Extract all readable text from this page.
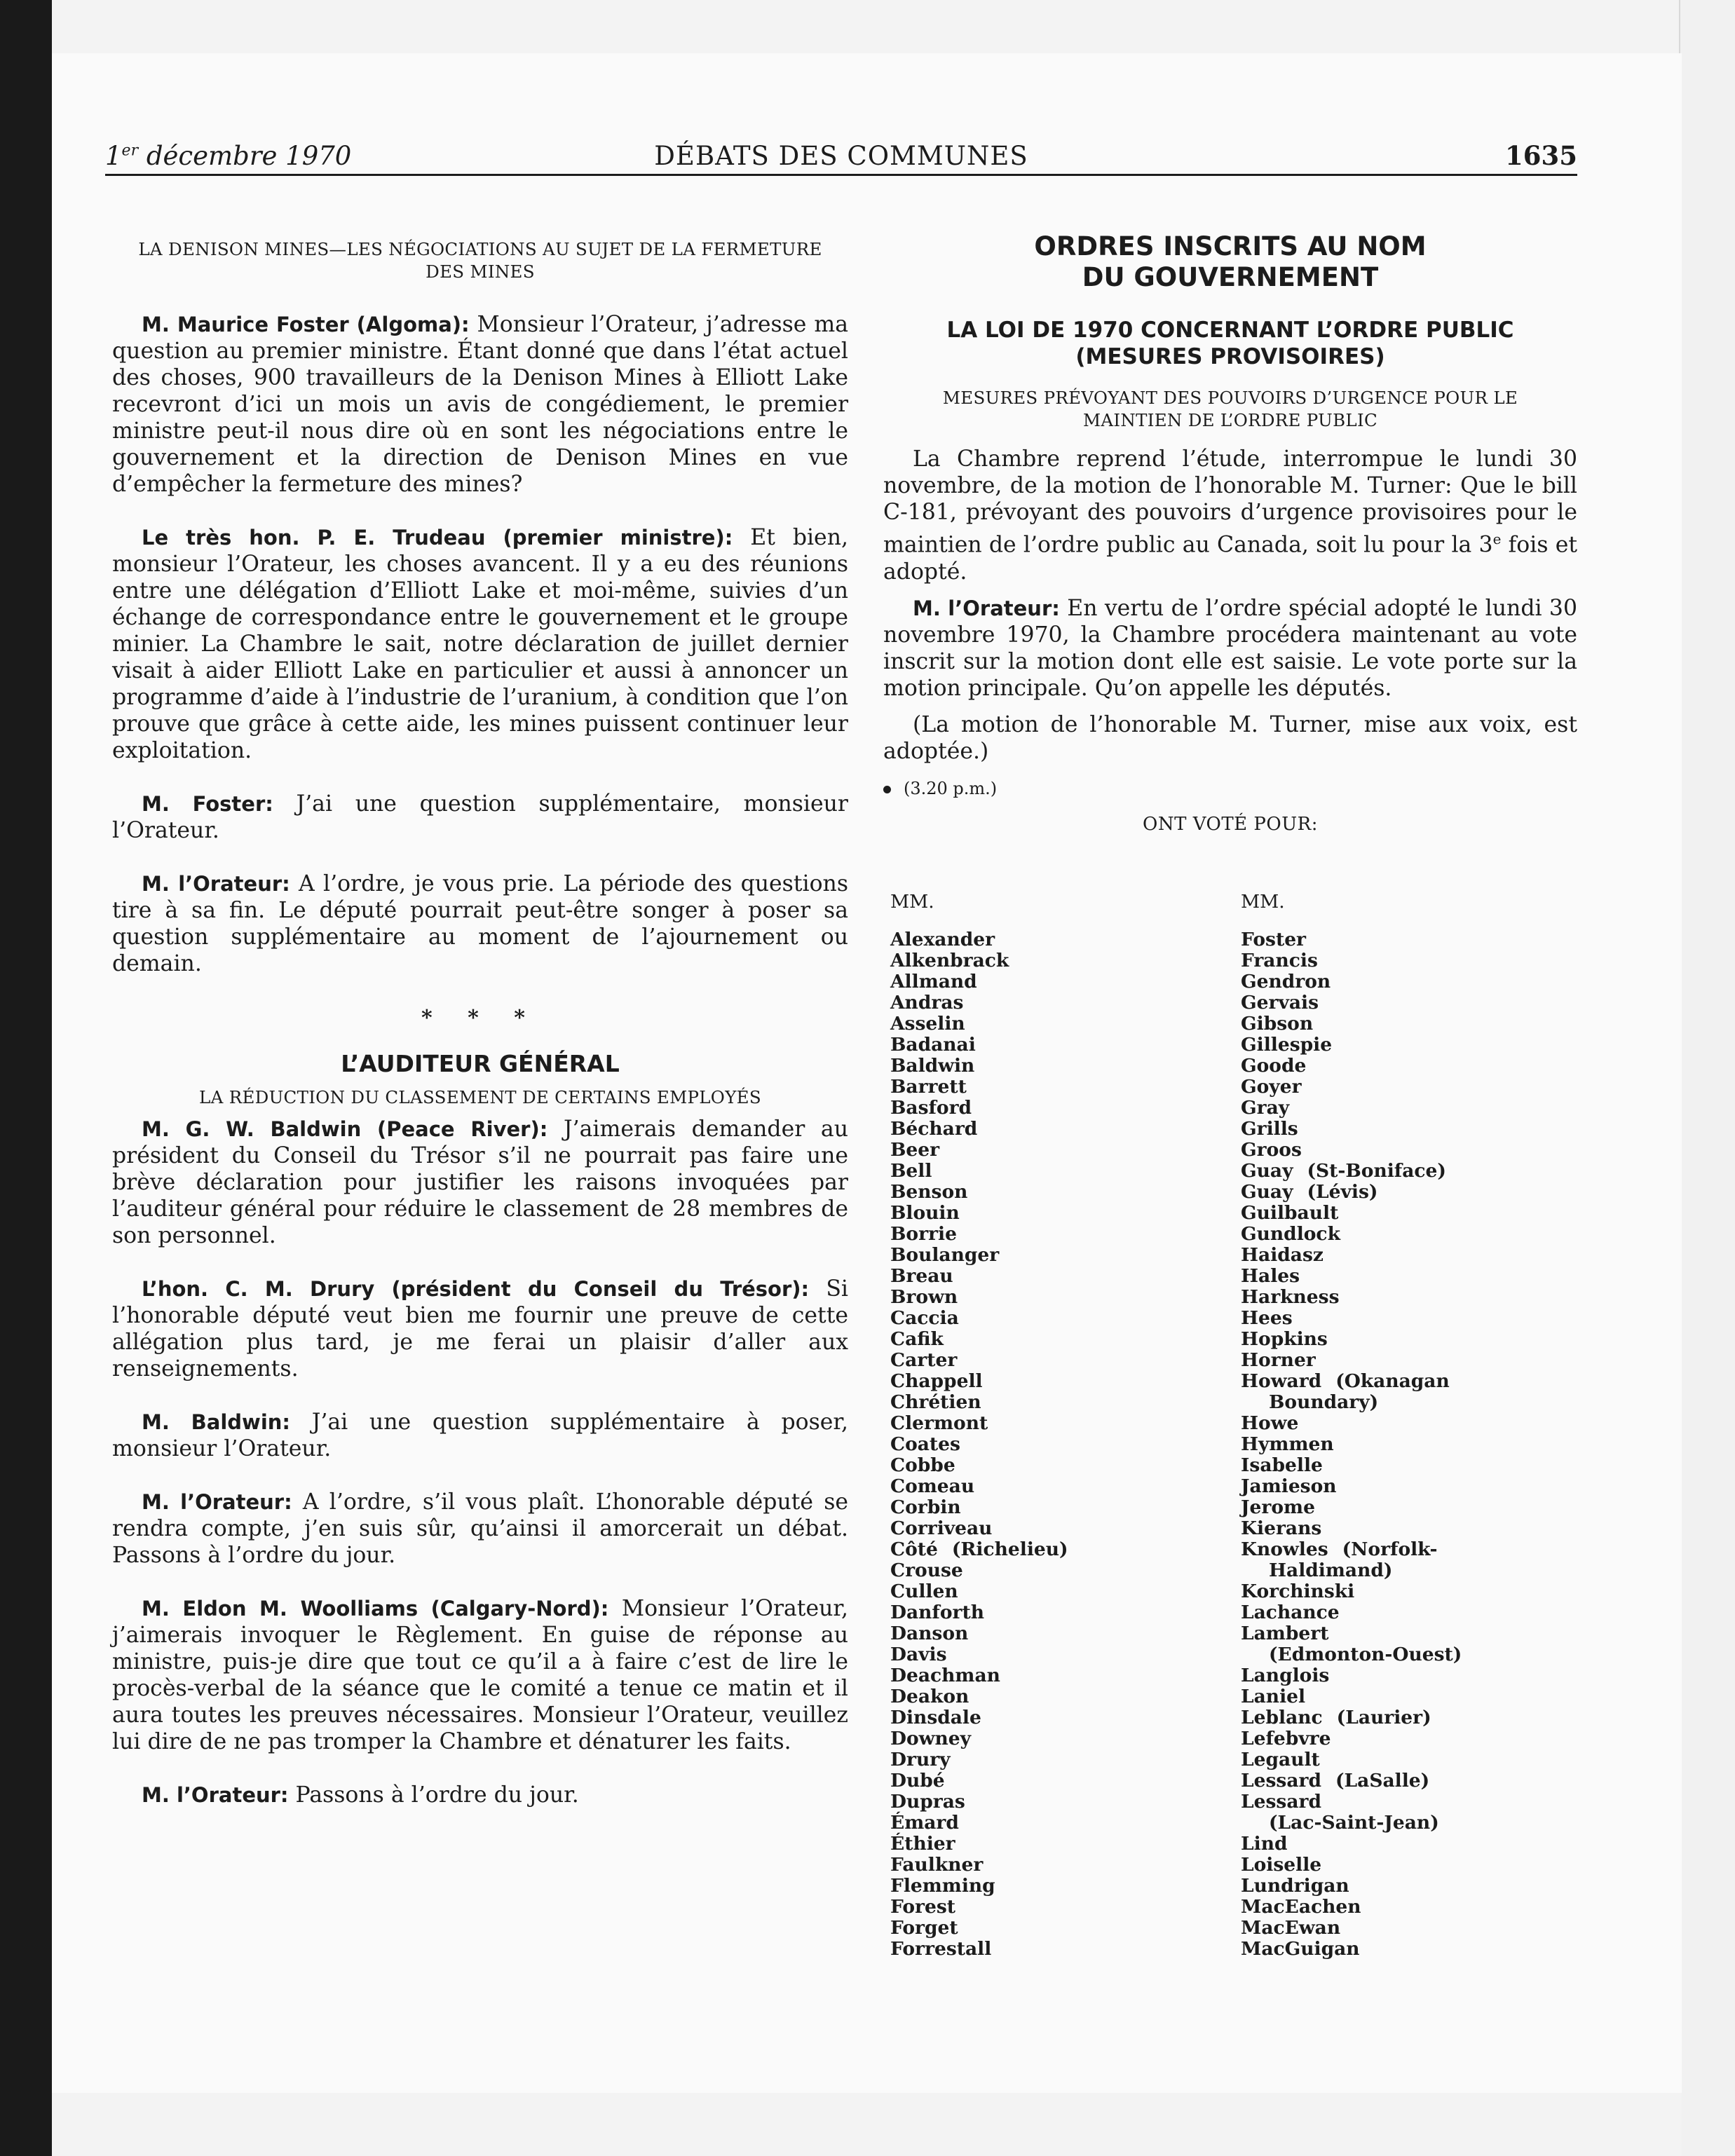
1er décembre 1970	DÉBATS DES COMMUNES	1635

LA DENISON MINES—LES NÉGOCIATIONS AU SUJET DE LA FERMETURE DES MINES

M. Maurice Foster (Algoma): Monsieur l’Orateur, j’adresse ma question au premier ministre. Étant donné que dans l’état actuel des choses, 900 travailleurs de la Denison Mines à Elliott Lake recevront d’ici un mois un avis de congédiement, le premier ministre peut-il nous dire où en sont les négociations entre le gouvernement et la direction de Denison Mines en vue d’empêcher la fermeture des mines?

Le très hon. P. E. Trudeau (premier ministre): Et bien, monsieur l’Orateur, les choses avancent. Il y a eu des réunions entre une délégation d’Elliott Lake et moi-même, suivies d’un échange de correspondance entre le gouvernement et le groupe minier. La Chambre le sait, notre déclaration de juillet dernier visait à aider Elliott Lake en particulier et aussi à annoncer un programme d’aide à l’industrie de l’uranium, à condition que l’on prouve que grâce à cette aide, les mines puissent continuer leur exploitation.

M. Foster: J’ai une question supplémentaire, monsieur l’Orateur.

M. l’Orateur: A l’ordre, je vous prie. La période des questions tire à sa fin. Le député pourrait peut-être songer à poser sa question supplémentaire au moment de l’ajournement ou demain.

* * *

L’AUDITEUR GÉNÉRAL

LA RÉDUCTION DU CLASSEMENT DE CERTAINS EMPLOYÉS

M. G. W. Baldwin (Peace River): J’aimerais demander au président du Conseil du Trésor s’il ne pourrait pas faire une brève déclaration pour justifier les raisons invoquées par l’auditeur général pour réduire le classement de 28 membres de son personnel.

L’hon. C. M. Drury (président du Conseil du Trésor): Si l’honorable député veut bien me fournir une preuve de cette allégation plus tard, je me ferai un plaisir d’aller aux renseignements.

M. Baldwin: J’ai une question supplémentaire à poser, monsieur l’Orateur.

M. l’Orateur: A l’ordre, s’il vous plaît. L’honorable député se rendra compte, j’en suis sûr, qu’ainsi il amorcerait un débat. Passons à l’ordre du jour.

M. Eldon M. Woolliams (Calgary-Nord): Monsieur l’Orateur, j’aimerais invoquer le Règlement. En guise de réponse au ministre, puis-je dire que tout ce qu’il a à faire c’est de lire le procès-verbal de la séance que le comité a tenue ce matin et il aura toutes les preuves nécessaires. Monsieur l’Orateur, veuillez lui dire de ne pas tromper la Chambre et dénaturer les faits.

M. l’Orateur: Passons à l’ordre du jour.

ORDRES INSCRITS AU NOM

DU GOUVERNEMENT

LA LOI DE 1970 CONCERNANT L’ORDRE PUBLIC

(MESURES PROVISOIRES)

MESURES PRÉVOYANT DES POUVOIRS D’URGENCE POUR LE MAINTIEN DE L’ORDRE PUBLIC

La Chambre reprend l’étude, interrompue le lundi 30 novembre, de la motion de l’honorable M. Turner: Que le bill C-181, prévoyant des pouvoirs d’urgence provisoires pour le maintien de l’ordre public au Canada, soit lu pour la 3e fois et adopté.

M. l’Orateur: En vertu de l’ordre spécial adopté le lundi 30 novembre 1970, la Chambre procédera maintenant au vote inscrit sur la motion dont elle est saisie. Le vote porte sur la motion principale. Qu’on appelle les députés.

(La motion de l’honorable M. Turner, mise aux voix, est adoptée.)

(3.20 p.m.)

ONT VOTÉ POUR:

MM.
Alexander
Alkenbrack
Allmand
Andras
Asselin
Badanai
Baldwin
Barrett
Basford
Béchard
Beer
Bell
Benson
Blouin
Borrie
Boulanger
Breau
Brown
Caccia
Cafik
Carter
Chappell
Chrétien
Clermont
Coates
Cobbe
Comeau
Corbin
Corriveau
Côté (Richelieu)
Crouse
Cullen
Danforth
Danson
Davis
Deachman
Deakon
Dinsdale
Downey
Drury
Dubé
Dupras
Émard
Éthier
Faulkner
Flemming
Forest
Forget
Forrestall
MM.
Foster
Francis
Gendron
Gervais
Gibson
Gillespie
Goode
Goyer
Gray
Grills
Groos
Guay (St-Boniface)
Guay (Lévis)
Guilbault
Gundlock
Haidasz
Hales
Harkness
Hees
Hopkins
Horner
Howard (Okanagan
Boundary)
Howe
Hymmen
Isabelle
Jamieson
Jerome
Kierans
Knowles (Norfolk-
Haldimand)
Korchinski
Lachance
Lambert
(Edmonton-Ouest)
Langlois
Laniel
Leblanc (Laurier)
Lefebvre
Legault
Lessard (LaSalle)
Lessard
(Lac-Saint-Jean)
Lind
Loiselle
Lundrigan
MacEachen
MacEwan
MacGuigan
